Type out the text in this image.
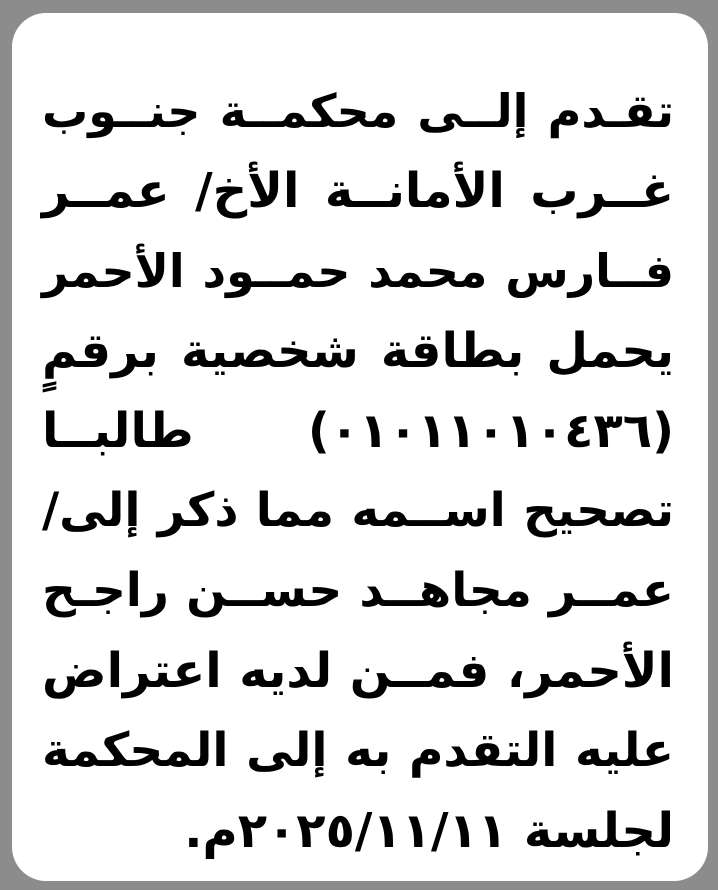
تقـدم إلــى محكمــة جنــوب
غــرب الأمانــة الأخ/ عمــر
فــارس محمد حمــود الأحمر
يحمل بطاقة شخصية برقمٍ
(٠١٠١١٠١٠٤٣٦) طالبــا
تصحيح اســمه مما ذكر إلى/
عمــر مجاهــد حســن راجـح
الأحمر، فمــن لديه اعتراض
عليه التقدم به إلى المحكمة
لجلسة ٢٠٢٥/١١/١١م.
